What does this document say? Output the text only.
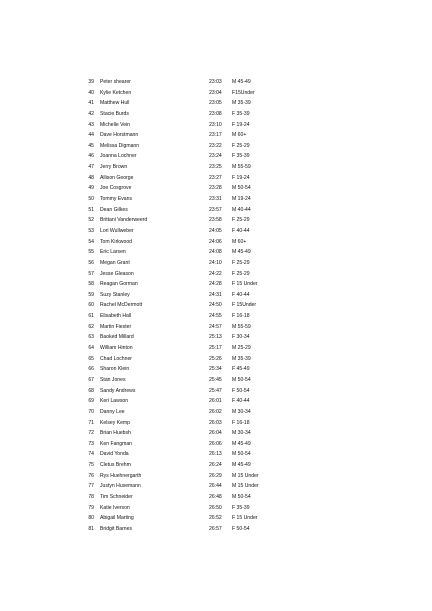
39 Peter shearer	23:03 M 45-49
40 Kylie Ketchen	23:04 F15Under
41 Matthew Hull	23:05 M 35-39
42 Stacie Burds	23:08 F 35-39
43 Michelle Vein	23:10 F 19-24
44 Dave Horstmann	23:17 M 60+
45 Melissa Digmann	23:22 F 25-29
46 Joanna Lochner	23:24 F 35-39
47 Jerry Brown	23:25 M 55-59
48 Allison George	23:27 F 19-24
49 Joe Cosgrove	23:28 M 50-54
50 Tommy Evans	23:31 M 19-24
51 Dean Gilkes	23:57 M 40-44
52 Brittani Vanderweerd	23:58 F 25-29
53 Lori Wullweber	24:05 F 40-44
54 Tom Kirkwood	24:06 M 60+
55 Eric Larsen	24:08 M 45-49
56 Megan Grant	24:10 F 25-29
57 Jesse Gleason	24:22 F 25-29
58 Reagan Gorman	24:28 F 15 Under
59 Suzy Stanley	24:31 F 40-44
60 Rachel McDermott	24:50 F 15Under
61 Elisabeth Hall	24:55 F 16-18
62 Martin Fiester	24:57 M 55-59
63 Baoked Millard	25:13 F 30-34
64 William Hinton	25:17 M 25-29
65 Chad Lochner	25:26 M 35-39
66 Sharon Klein	25:34 F 45-49
67 Stan Jones	25:45 M 50-54
68 Sandy Andrews	25:47 F 50-54
69 Keri Lawson	26:01 F 40-44
70 Danny Lee	26:02 M 30-34
71 Kelsey Kemp	26:03 F 16-18
72 Brian Huebsh	26:04 M 30-34
73 Ken Fangman	26:06 M 45-49
74 David Yonda	26:13 M 50-54
75 Cletus Brehm	26:24 M 45-49
76 Rys Huehnergarth	26:29 M 15 Under
77 Justyn Husemann	26:44 M 15 Under
78 Tim Schneider	26:48 M 50-54
79 Katie Iverson	26:50 F 35-39
80 Abigail Marting	26:52 F 15 Under
81 Bridgit Barnes	26:57 F 50-54
